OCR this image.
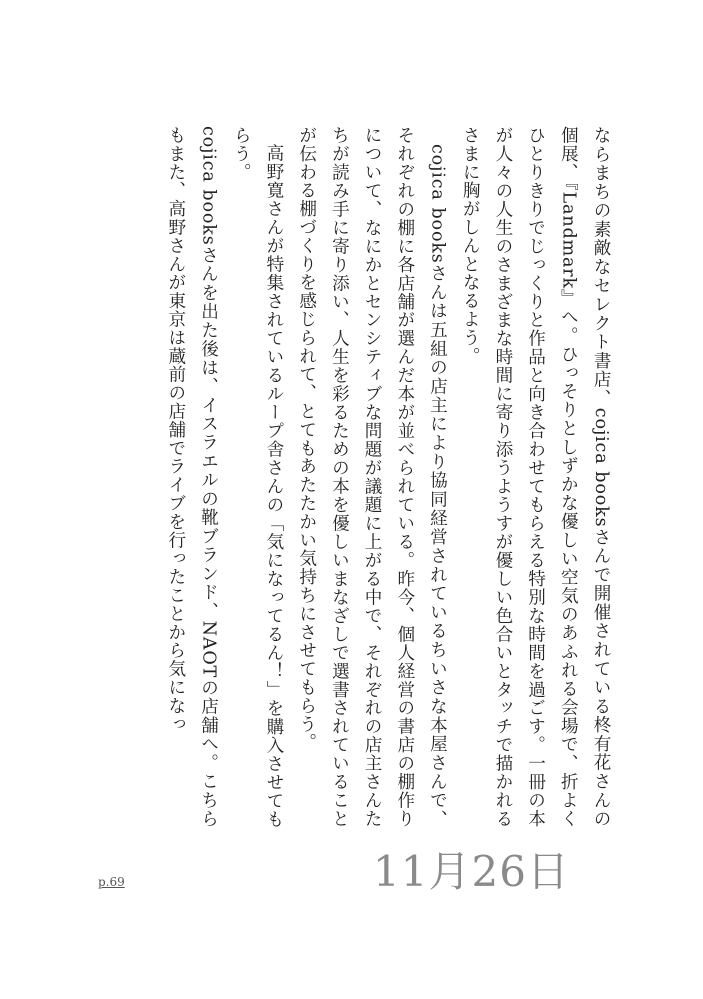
ならまちの素敵なセレクト書店、cojica booksさんで開催されている柊有花さんの個展、『Landmark』へ。ひっそりとしずかな優しい空気のあふれる会場で、折よくひとりきりでじっくりと作品と向き合わせてもらえる特別な時間を過ごす。一冊の本が人々の人生のさまざまな時間に寄り添うようすが優しい色合いとタッチで描かれるさまに胸がしんとなるよう。

cojica booksさんは五組の店主により協同経営されているちいさな本屋さんで、それぞれの棚に各店舗が選んだ本が並べられている。昨今、個人経営の書店の棚作りについて、なにかとセンシティブな問題が議題に上がる中で、それぞれの店主さんたちが読み手に寄り添い、人生を彩るための本を優しいまなざしで選書されていることが伝わる棚づくりを感じられて、とてもあたたかい気持ちにさせてもらう。

高野寛さんが特集されているループ舎さんの「気になってるん！」を購入させてもらう。

cojica booksさんを出た後は、イスラエルの靴ブランド、NAOTの店舗へ。こちらもまた、高野さんが東京は蔵前の店舗でライブを行ったことから気になっ

11月26日
p.69
